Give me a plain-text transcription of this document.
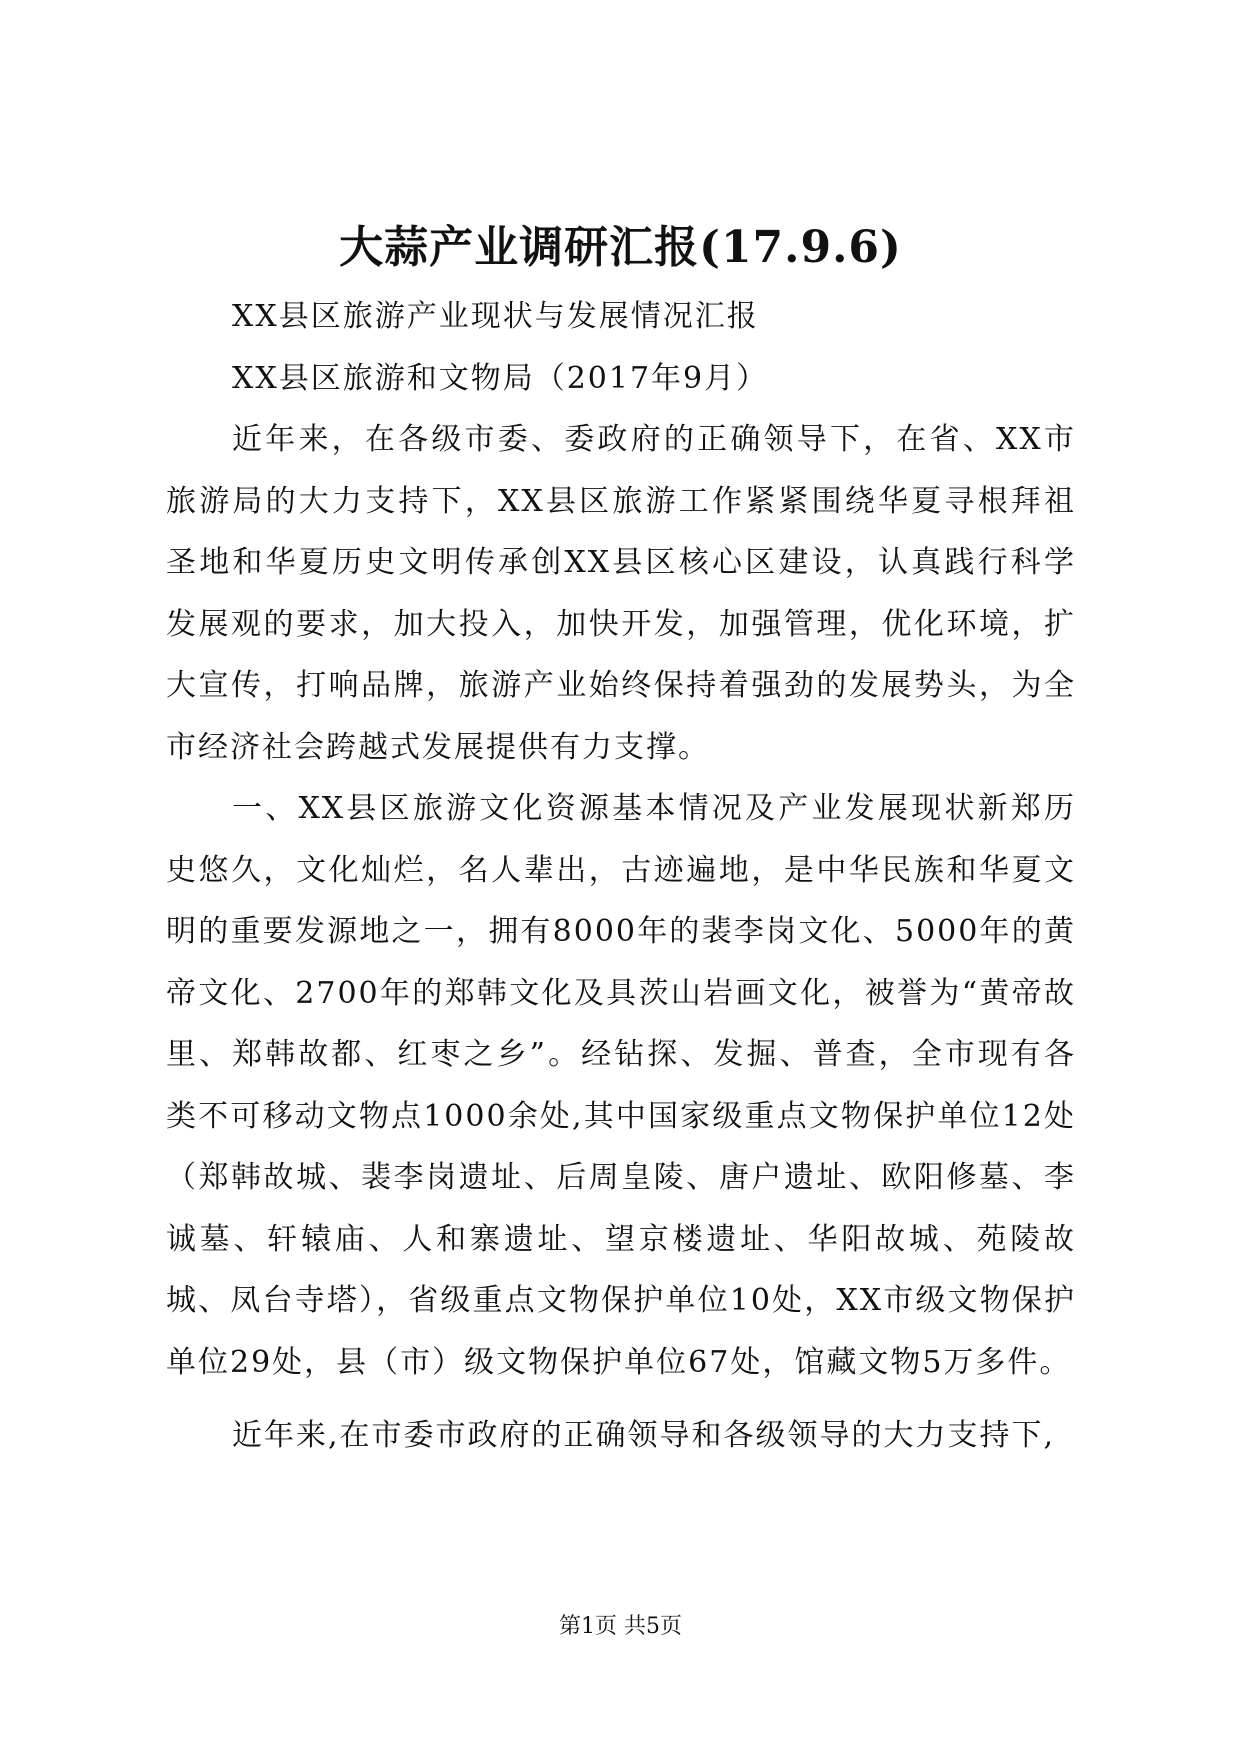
大蒜产业调研汇报(17.9.6)

XX县区旅游产业现状与发展情况汇报

XX县区旅游和文物局（2017年9月）

近年来，在各级市委、委政府的正确领导下，在省、XX市旅游局的大力支持下，XX县区旅游工作紧紧围绕华夏寻根拜祖圣地和华夏历史文明传承创XX县区核心区建设，认真践行科学发展观的要求，加大投入，加快开发，加强管理，优化环境，扩大宣传，打响品牌，旅游产业始终保持着强劲的发展势头，为全市经济社会跨越式发展提供有力支撑。

一、XX县区旅游文化资源基本情况及产业发展现状新郑历史悠久，文化灿烂，名人辈出，古迹遍地，是中华民族和华夏文明的重要发源地之一，拥有8000年的裴李岗文化、5000年的黄帝文化、2700年的郑韩文化及具茨山岩画文化，被誉为“黄帝故里、郑韩故都、红枣之乡”。经钻探、发掘、普查，全市现有各类不可移动文物点1000余处,其中国家级重点文物保护单位12处（郑韩故城、裴李岗遗址、后周皇陵、唐户遗址、欧阳修墓、李诚墓、轩辕庙、人和寨遗址、望京楼遗址、华阳故城、苑陵故城、凤台寺塔），省级重点文物保护单位10处，XX市级文物保护单位29处，县（市）级文物保护单位67处，馆藏文物5万多件。

近年来,在市委市政府的正确领导和各级领导的大力支持下,

第1页 共5页
